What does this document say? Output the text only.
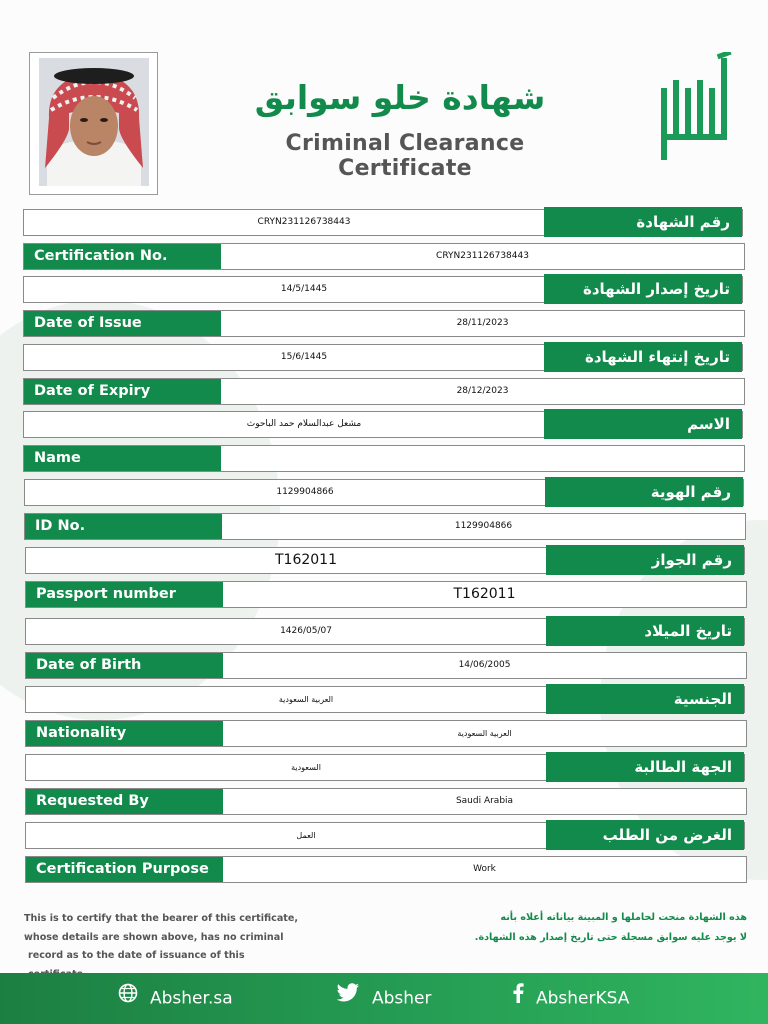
شهادة خلو سوابق
Criminal Clearance Certificate
CRYN231126738443	رقم الشهادة
Certification No.	CRYN231126738443
14/5/1445	تاريخ إصدار الشهادة
Date of Issue	28/11/2023
15/6/1445	تاريخ إنتهاء الشهادة
Date of Expiry	28/12/2023
مشعل عبدالسلام حمد الباحوث	الاسم
Name
1129904866	رقم الهوية
ID No.	1129904866
T162011	رقم الجواز
Passport number	T162011
1426/05/07	تاريخ الميلاد
Date of Birth	14/06/2005
العربية السعودية	الجنسية
Nationality	العربية السعودية
السعودية	الجهة الطالبة
Requested By	Saudi Arabia
العمل	الغرض من الطلب
Certification Purpose	Work
This is to certify that the bearer of this certificate,
whose details are shown above, has no criminal
record as to the date of issuance of this
هذه الشهادة منحت لحاملها و المبينة بياناته أعلاه بأنه
لا يوجد عليه سوابق مسجلة حتى تاريخ إصدار هذه الشهادة.
Absher.sa	Absher	AbsherKSA
